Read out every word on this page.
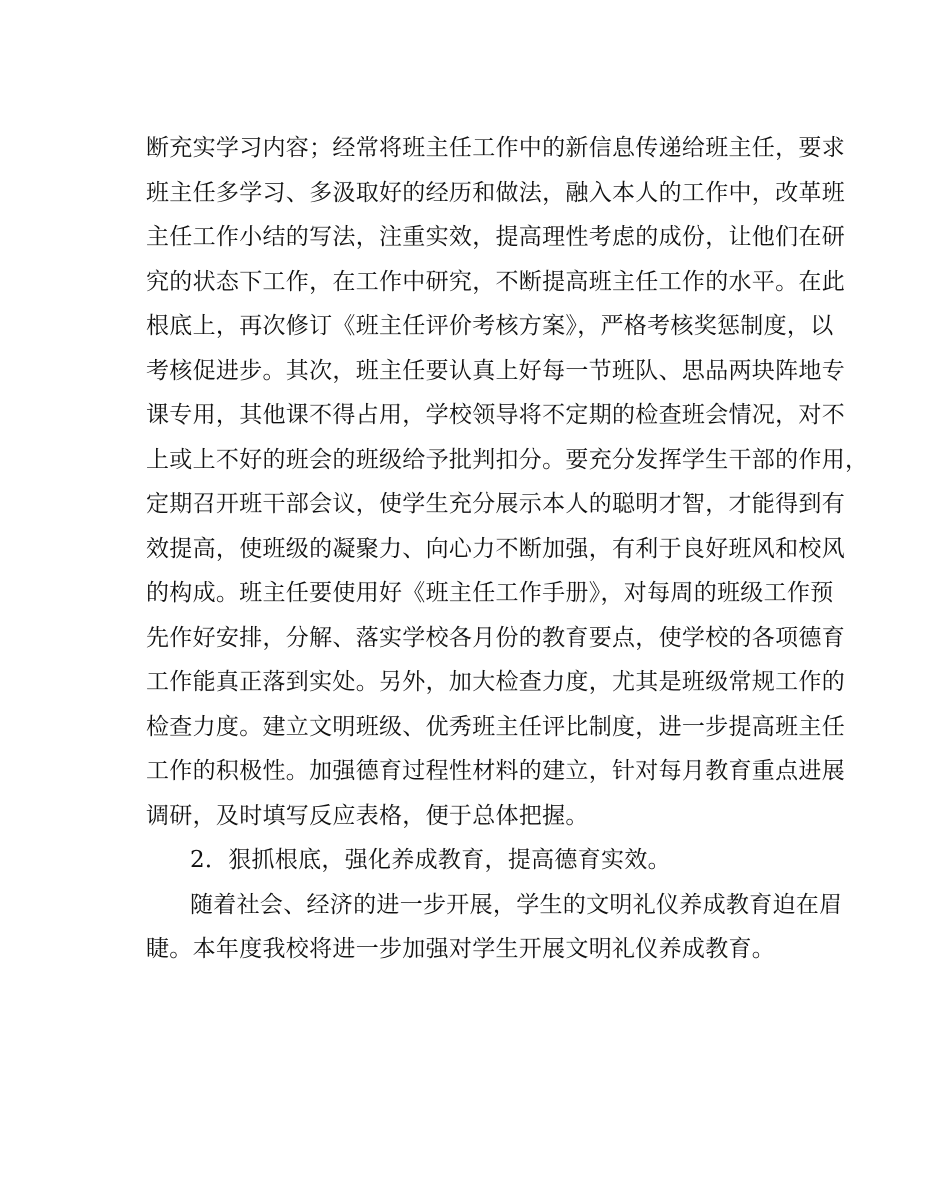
断充实学习内容；经常将班主任工作中的新信息传递给班主任，要求
班主任多学习、多汲取好的经历和做法，融入本人的工作中，改革班
主任工作小结的写法，注重实效，提高理性考虑的成份，让他们在研
究的状态下工作，在工作中研究，不断提高班主任工作的水平。在此
根底上，再次修订《班主任评价考核方案》，严格考核奖惩制度，以
考核促进步。其次，班主任要认真上好每一节班队、思品两块阵地专
课专用，其他课不得占用，学校领导将不定期的检查班会情况，对不
上或上不好的班会的班级给予批判扣分。要充分发挥学生干部的作用，
定期召开班干部会议，使学生充分展示本人的聪明才智，才能得到有
效提高，使班级的凝聚力、向心力不断加强，有利于良好班风和校风
的构成。班主任要使用好《班主任工作手册》，对每周的班级工作预
先作好安排，分解、落实学校各月份的教育要点，使学校的各项德育
工作能真正落到实处。另外，加大检查力度，尤其是班级常规工作的
检查力度。建立文明班级、优秀班主任评比制度，进一步提高班主任
工作的积极性。加强德育过程性材料的建立，针对每月教育重点进展
调研，及时填写反应表格，便于总体把握。
2．狠抓根底，强化养成教育，提高德育实效。
随着社会、经济的进一步开展，学生的文明礼仪养成教育迫在眉
睫。本年度我校将进一步加强对学生开展文明礼仪养成教育。
